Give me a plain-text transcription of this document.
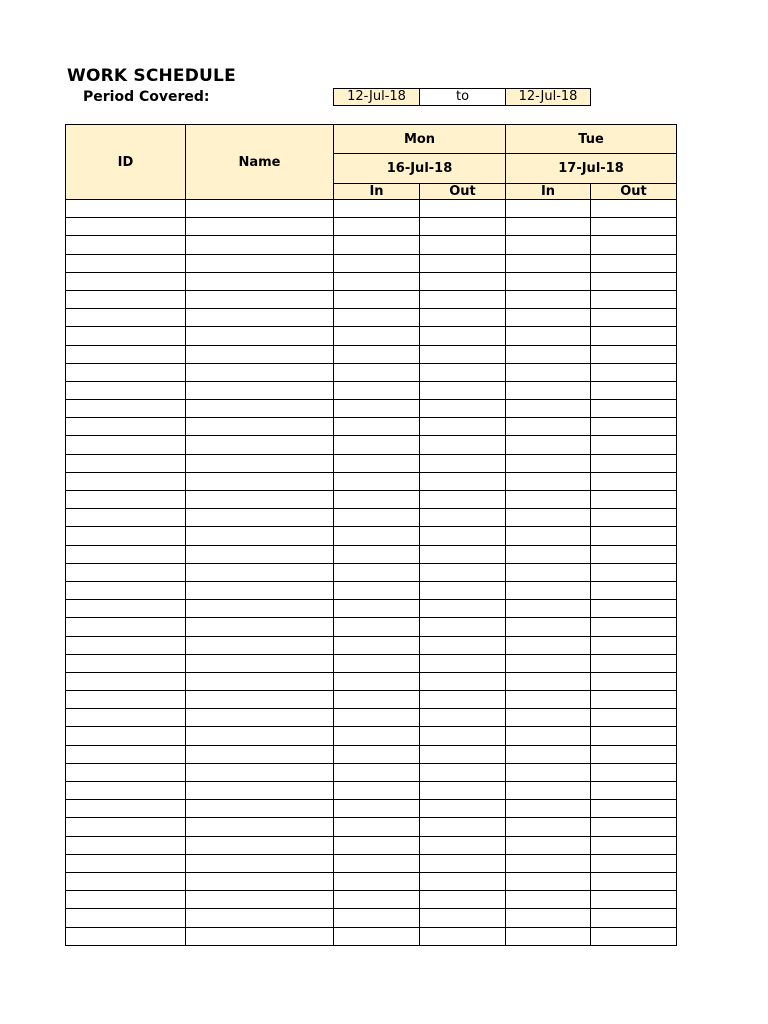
WORK SCHEDULE
Period Covered:	12-Jul-18	to	12-Jul-18
ID	Name	Mon		Tue	
		16-Jul-18		17-Jul-18	
		In	Out	In	Out
